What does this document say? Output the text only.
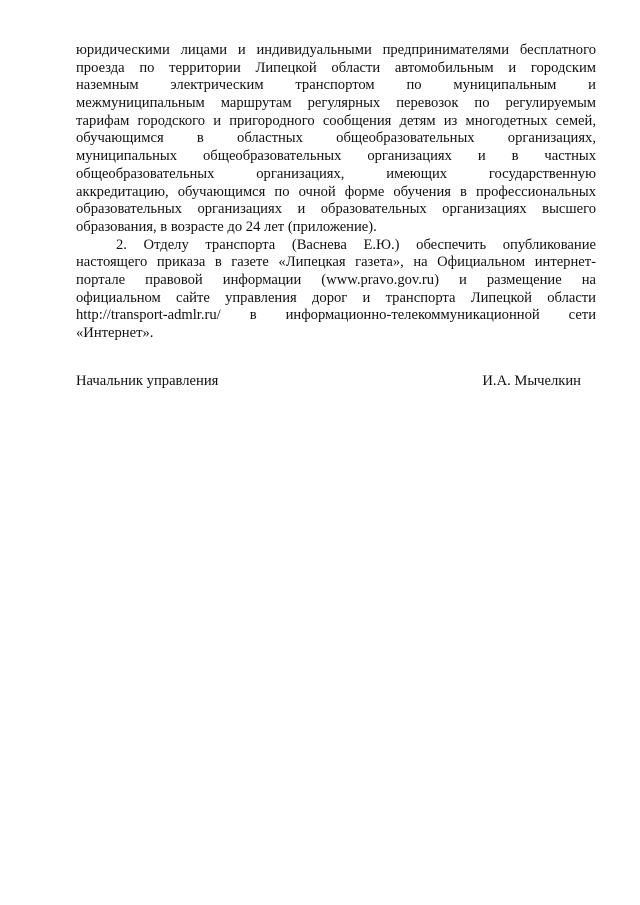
юридическими лицами и индивидуальными предпринимателями бесплатного
проезда по территории Липецкой области автомобильным и городским
наземным электрическим транспортом по муниципальным и
межмуниципальным маршрутам регулярных перевозок по регулируемым
тарифам городского и пригородного сообщения детям из многодетных семей,
обучающимся в областных общеобразовательных организациях,
муниципальных общеобразовательных организациях и в частных
общеобразовательных организациях, имеющих государственную
аккредитацию, обучающимся по очной форме обучения в профессиональных
образовательных организациях и образовательных организациях высшего
образования, в возрасте до 24 лет (приложение).
2. Отделу транспорта (Васнева Е.Ю.) обеспечить опубликование
настоящего приказа в газете «Липецкая газета», на Официальном интернет-
портале правовой информации (www.pravo.gov.ru) и размещение на
официальном сайте управления дорог и транспорта Липецкой области
http://transport-admlr.ru/ в информационно-телекоммуникационной сети
«Интернет».
Начальник управления	И.А. Мычелкин
